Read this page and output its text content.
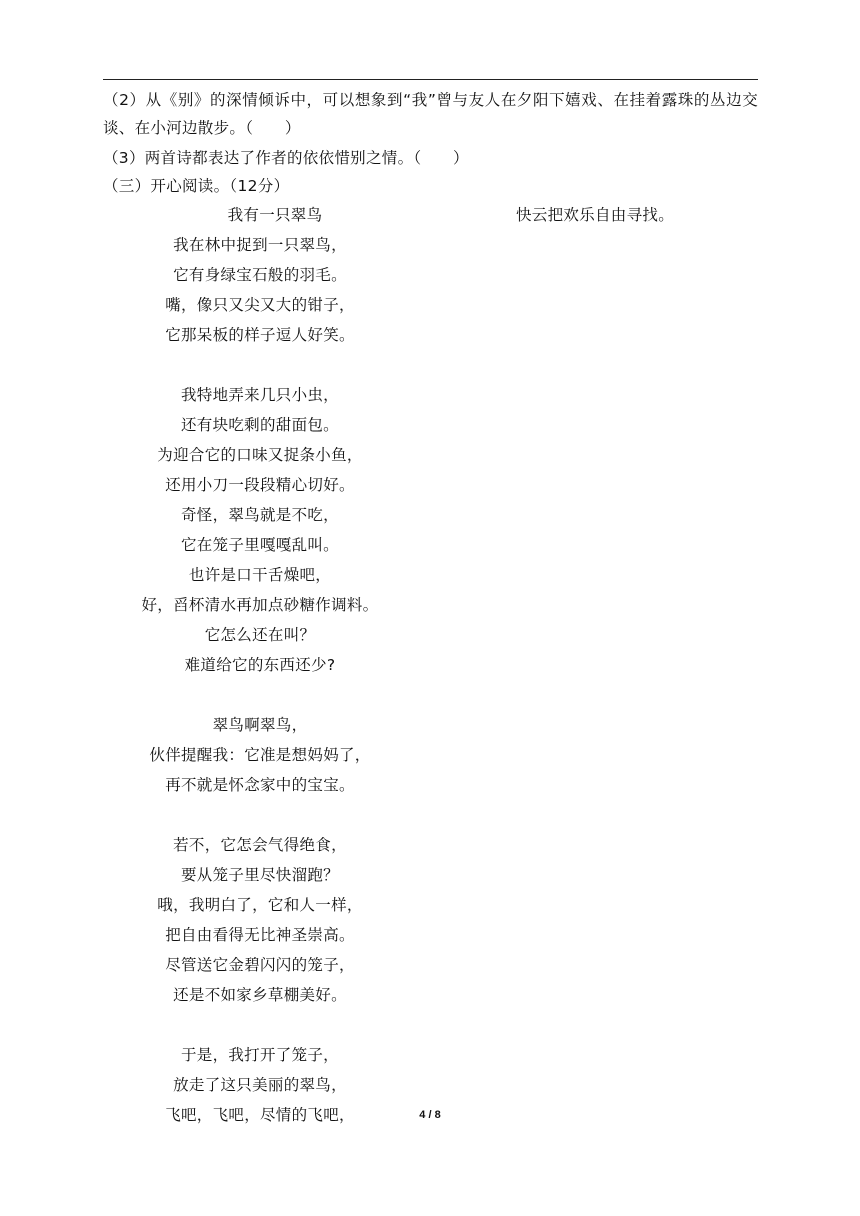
（2）从《别》的深情倾诉中，可以想象到“我”曾与友人在夕阳下嬉戏、在挂着露珠的丛边交谈、在小河边散步。（　　）
（3）两首诗都表达了作者的依依惜别之情。（　　）
（三）开心阅读。（12分）
我有一只翠鸟	快云把欢乐自由寻找。
我在林中捉到一只翠鸟，
它有身绿宝石般的羽毛。
嘴，像只又尖又大的钳子，
它那呆板的样子逗人好笑。
我特地弄来几只小虫，
还有块吃剩的甜面包。
为迎合它的口味又捉条小鱼，
还用小刀一段段精心切好。
奇怪，翠鸟就是不吃，
它在笼子里嘎嘎乱叫。
也许是口干舌燥吧，
好，舀杯清水再加点砂糖作调料。
它怎么还在叫？
难道给它的东西还少?
翠鸟啊翠鸟，
伙伴提醒我：它准是想妈妈了，
再不就是怀念家中的宝宝。
若不，它怎会气得绝食，
要从笼子里尽快溜跑？
哦，我明白了，它和人一样，
把自由看得无比神圣崇高。
尽管送它金碧闪闪的笼子，
还是不如家乡草棚美好。
于是，我打开了笼子，
放走了这只美丽的翠鸟，
飞吧，飞吧，尽情的飞吧，	4 / 8
